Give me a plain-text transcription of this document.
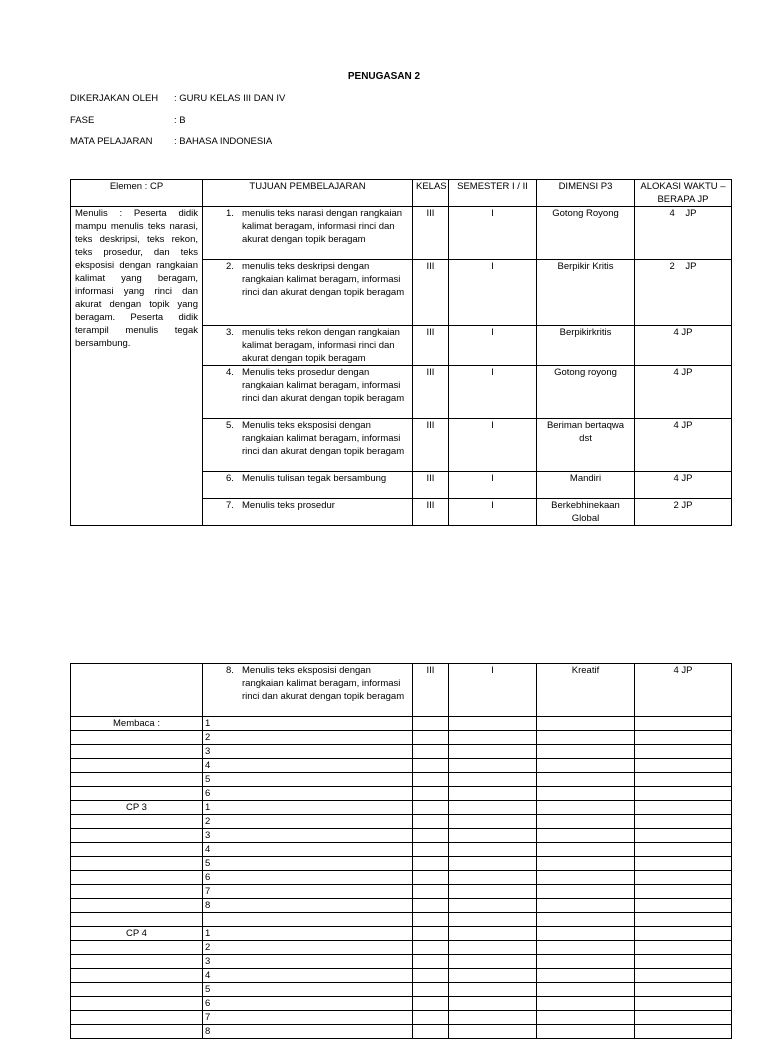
PENUGASAN 2
DIKERJAKAN OLEH : GURU KELAS III DAN IV
FASE	: B
MATA PELAJARAN : BAHASA INDONESIA
Elemen : CP	TUJUAN PEMBELAJARAN	KELAS	SEMESTER I / II	DIMENSI P3	ALOKASI WAKTU – BERAPA JP
Menulis : Peserta didik mampu menulis teks narasi, teks deskripsi, teks rekon, teks prosedur, dan teks eksposisi dengan rangkaian kalimat yang beragam, informasi yang rinci dan akurat dengan topik yang beragam. Peserta didik terampil menulis tegak bersambung.	1. menulis teks narasi dengan rangkaian kalimat beragam, informasi rinci dan akurat dengan topik beragam	III	I	Gotong Royong	4    JP

	2. menulis teks deskripsi dengan rangkaian kalimat beragam, informasi rinci dan akurat dengan topik beragam	III	I	Berpikir Kritis	2    JP

	3. menulis teks rekon dengan rangkaian kalimat beragam, informasi rinci dan akurat dengan topik beragam	III	I	Berpikirkritis	4 JP

	4. Menulis teks prosedur dengan rangkaian kalimat beragam, informasi rinci dan akurat dengan topik beragam	III	I	Gotong royong	4 JP

	5. Menulis teks eksposisi dengan rangkaian kalimat beragam, informasi rinci dan akurat dengan topik beragam	III	I	Beriman bertaqwa dst	4 JP

	6. Menulis tulisan tegak bersambung	III	I	Mandiri	4 JP

	7. Menulis teks prosedur	III	I	Berkebhinekaan Global	2 JP

	8. Menulis teks eksposisi dengan rangkaian kalimat beragam, informasi rinci dan akurat dengan topik beragam	III	I	Kreatif	4 JP
Membaca :	1				
	2				
	3				
	4				
	5				
	6				
CP 3	1				
	2				
	3				
	4				
	5				
	6				
	7				
	8				

CP 4	1				
	2				
	3				
	4				
	5				
	6				
	7				
	8				
